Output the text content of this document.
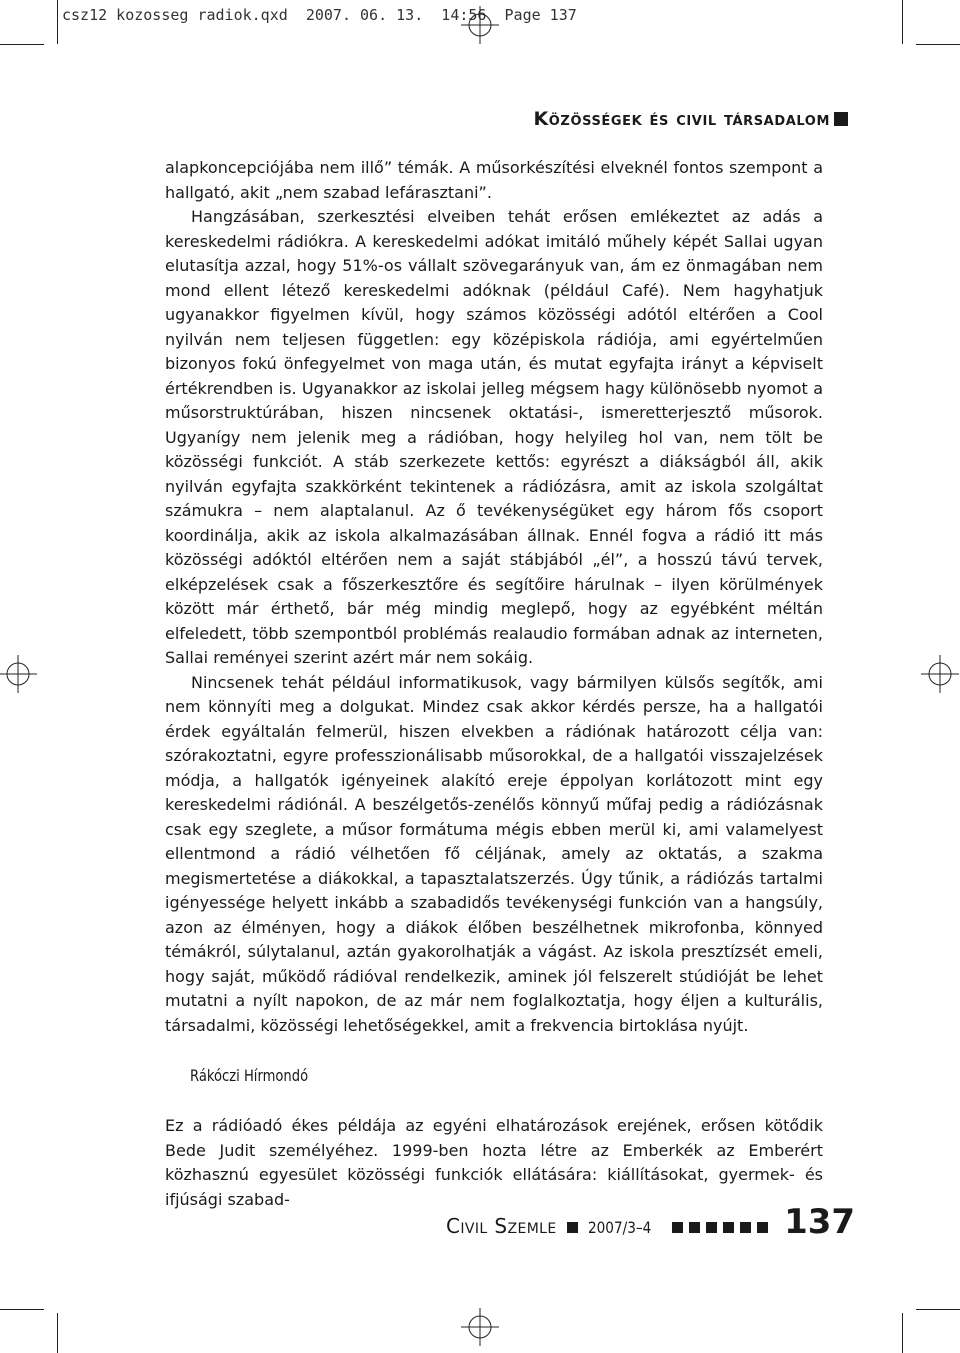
csz12 kozosseg radiok.qxd  2007. 06. 13.  14:56  Page 137
Közösségek és civil társadalom

alapkoncepciójába nem illő” témák. A műsorkészítési elveknél fontos szempont a hallgató, akit „nem szabad lefárasztani”.

Hangzásában, szerkesztési elveiben tehát erősen emlékeztet az adás a kereskedelmi rádiókra. A kereskedelmi adókat imitáló műhely képét Sallai ugyan elutasítja azzal, hogy 51%-os vállalt szövegarányuk van, ám ez önmagában nem mond ellent létező kereskedelmi adóknak (például Café). Nem hagyhatjuk ugyanakkor figyelmen kívül, hogy számos közösségi adótól eltérően a Cool nyilván nem teljesen független: egy középiskola rádiója, ami egyértelműen bizonyos fokú önfegyelmet von maga után, és mutat egyfajta irányt a képviselt értékrendben is. Ugyanakkor az iskolai jelleg mégsem hagy különösebb nyomot a műsorstruktúrában, hiszen nincsenek oktatási-, ismeretterjesztő műsorok. Ugyanígy nem jelenik meg a rádióban, hogy helyileg hol van, nem tölt be közösségi funkciót. A stáb szerkezete kettős: egyrészt a diákságból áll, akik nyilván egyfajta szakkörként tekintenek a rádiózásra, amit az iskola szolgáltat számukra – nem alaptalanul. Az ő tevékenységüket egy három fős csoport koordinálja, akik az iskola alkalmazásában állnak. Ennél fogva a rádió itt más közösségi adóktól eltérően nem a saját stábjából „él”, a hosszú távú tervek, elképzelések csak a főszerkesztőre és segítőire hárulnak – ilyen körülmények között már érthető, bár még mindig meglepő, hogy az egyébként méltán elfeledett, több szempontból problémás realaudio formában adnak az interneten, Sallai reményei szerint azért már nem sokáig.

Nincsenek tehát például informatikusok, vagy bármilyen külsős segítők, ami nem könnyíti meg a dolgukat. Mindez csak akkor kérdés persze, ha a hallgatói érdek egyáltalán felmerül, hiszen elvekben a rádiónak határozott célja van: szórakoztatni, egyre professzionálisabb műsorokkal, de a hallgatói visszajelzések módja, a hallgatók igényeinek alakító ereje éppolyan korlátozott mint egy kereskedelmi rádiónál. A beszélgetős-zenélős könnyű műfaj pedig a rádiózásnak csak egy szeglete, a műsor formátuma mégis ebben merül ki, ami valamelyest ellentmond a rádió vélhetően fő céljának, amely az oktatás, a szakma megismertetése a diákokkal, a tapasztalatszerzés. Úgy tűnik, a rádiózás tartalmi igényessége helyett inkább a szabadidős tevékenységi funkción van a hangsúly, azon az élményen, hogy a diákok élőben beszélhetnek mikrofonba, könnyed témákról, súlytalanul, aztán gyakorolhatják a vágást. Az iskola presztízsét emeli, hogy saját, működő rádióval rendelkezik, aminek jól felszerelt stúdióját be lehet mutatni a nyílt napokon, de az már nem foglalkoztatja, hogy éljen a kulturális, társadalmi, közösségi lehetőségekkel, amit a frekvencia birtoklása nyújt.

Rákóczi Hírmondó

Ez a rádióadó ékes példája az egyéni elhatározások erejének, erősen kötődik Bede Judit személyéhez. 1999-ben hozta létre az Emberkék az Emberért közhasznú egyesület közösségi funkciók ellátására: kiállításokat, gyermek- és ifjúsági szabad-

Civil Szemle 2007/3–4	137
